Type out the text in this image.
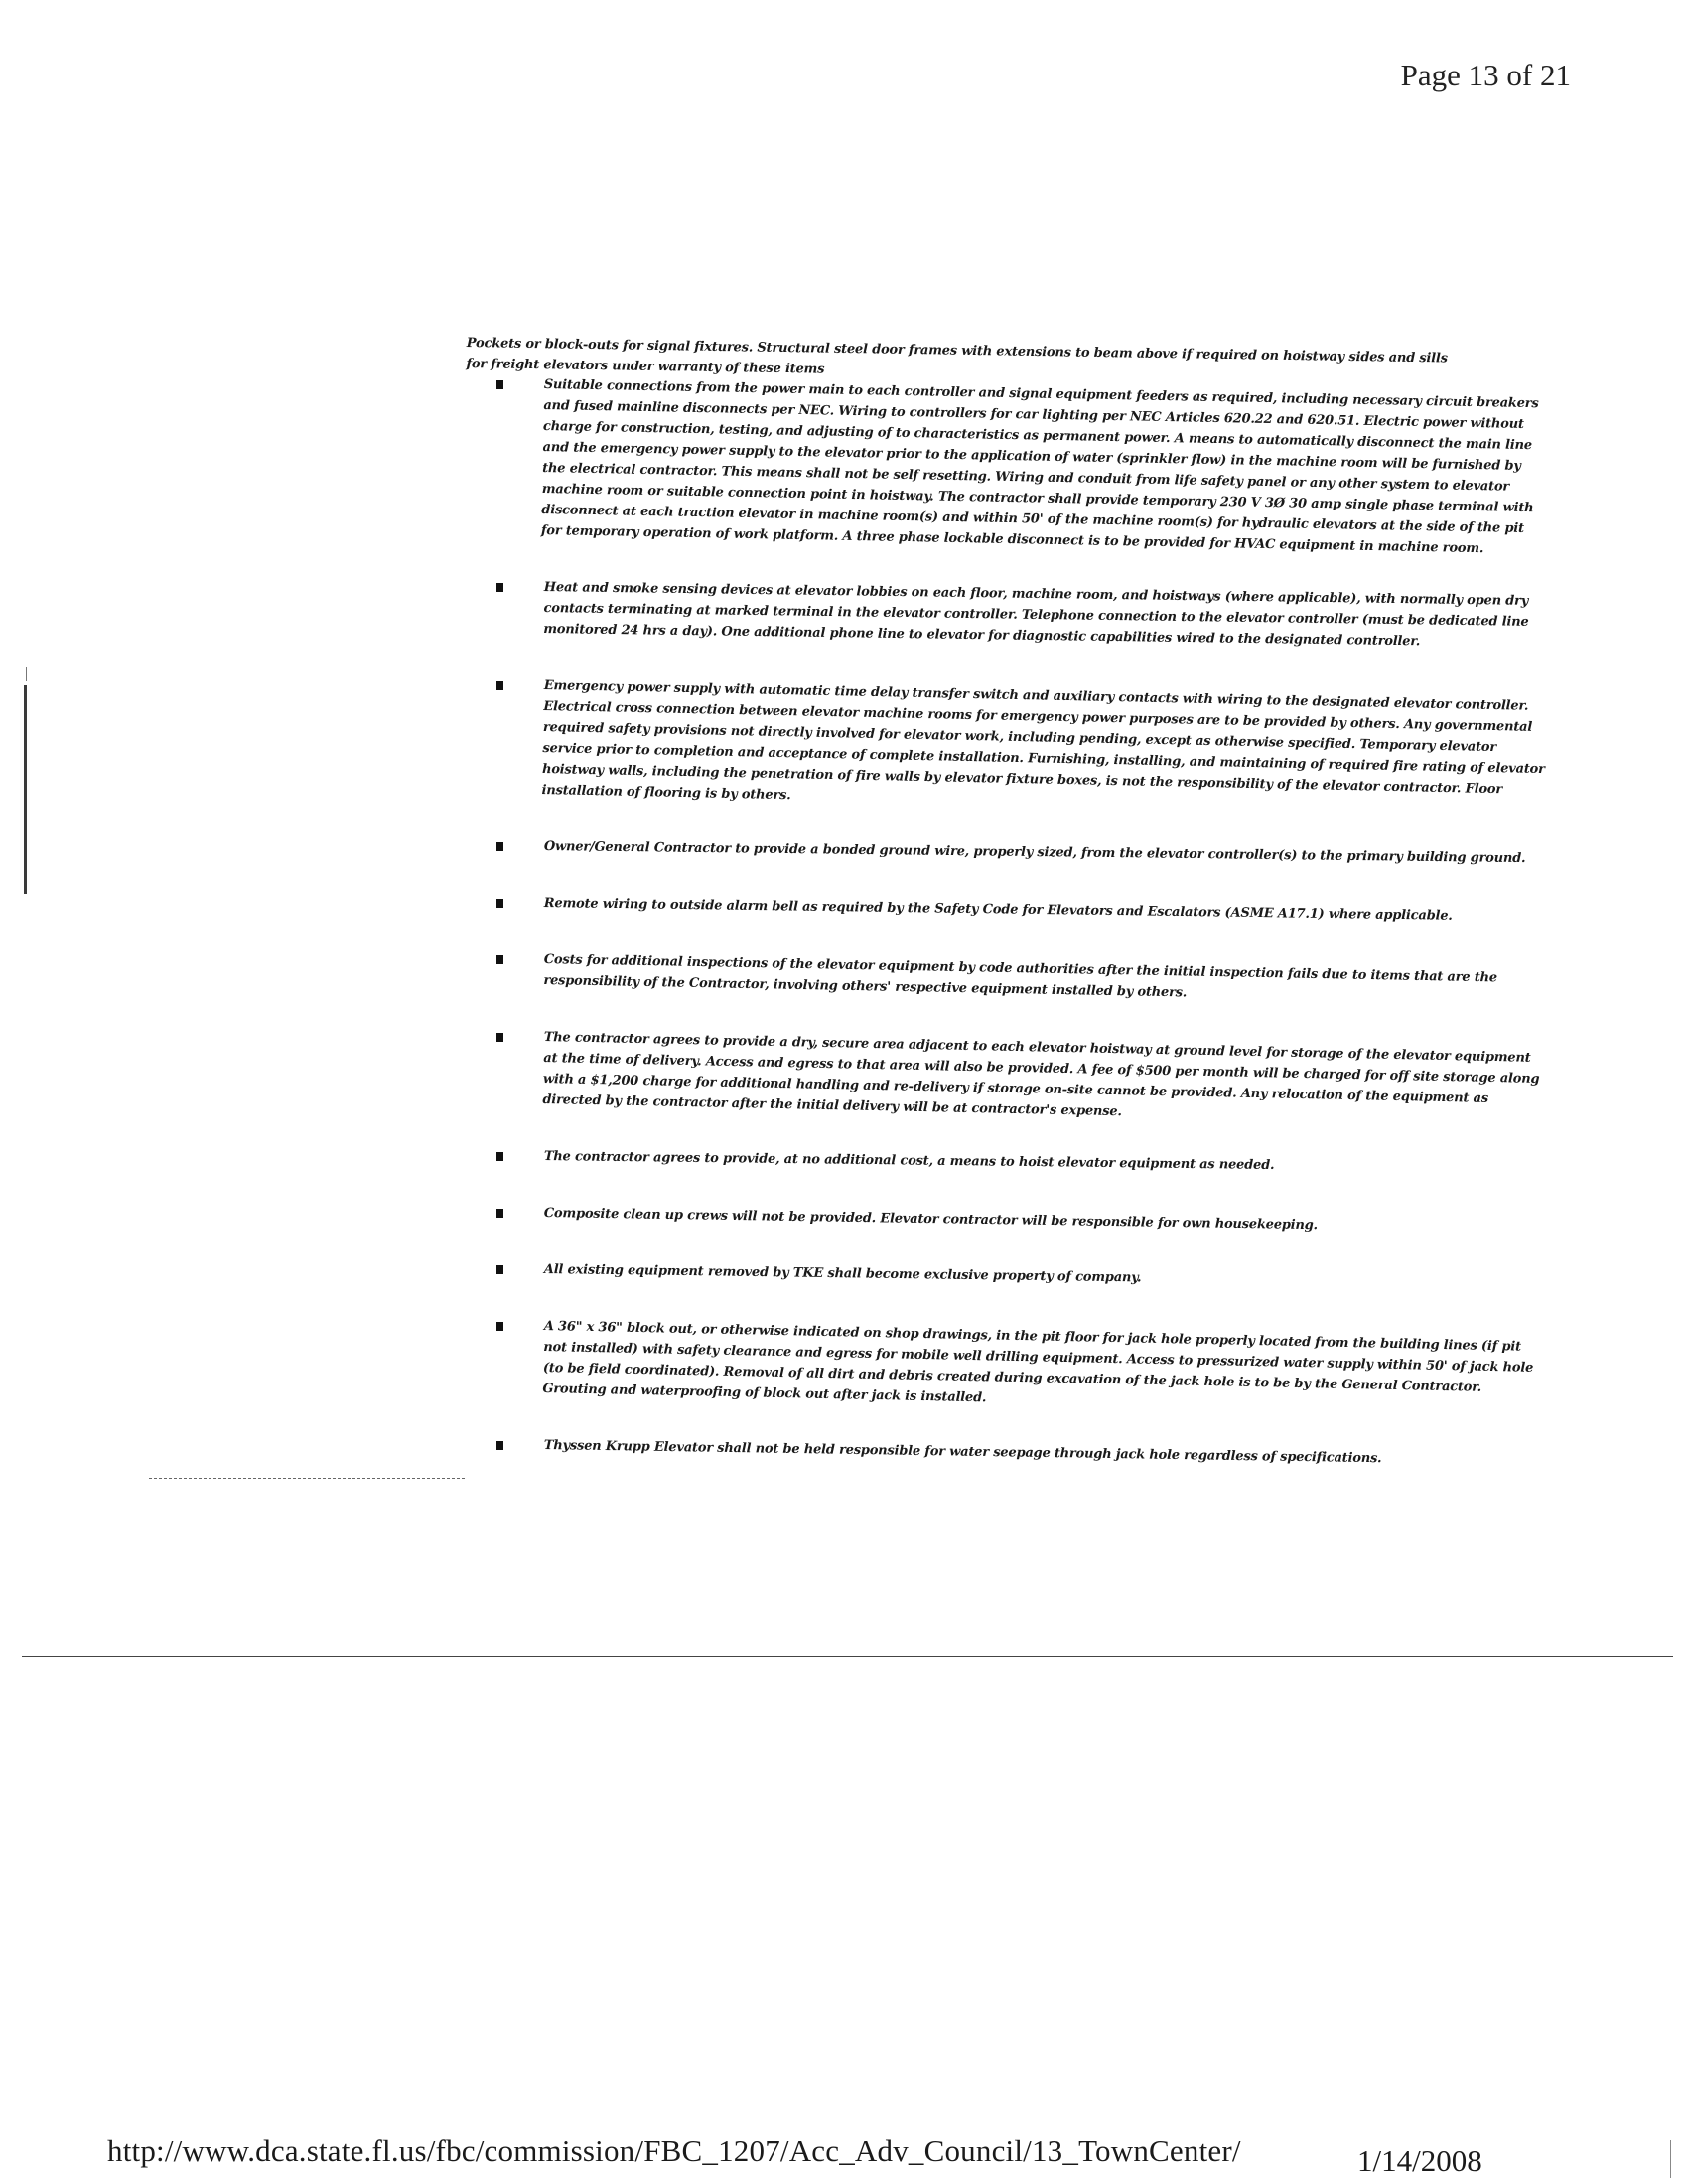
Page 13 of 21

Pockets or block-outs for signal fixtures. Structural steel door frames with extensions to beam above if required on hoistway sides and sills for freight elevators under warranty of these items

Suitable connections from the power main to each controller and signal equipment feeders as required, including necessary circuit breakers and fused mainline disconnects per NEC. Wiring to controllers for car lighting per NEC Articles 620.22 and 620.51. Electric power without charge for construction, testing, and adjusting of to characteristics as permanent power. A means to automatically disconnect the main line and the emergency power supply to the elevator prior to the application of water (sprinkler flow) in the machine room will be furnished by the electrical contractor. This means shall not be self resetting. Wiring and conduit from life safety panel or any other system to elevator machine room or suitable connection point in hoistway. The contractor shall provide temporary 230 V 3Ø 30 amp single phase terminal with disconnect at each traction elevator in machine room(s) and within 50' of the machine room(s) for hydraulic elevators at the side of the pit for temporary operation of work platform. A three phase lockable disconnect is to be provided for HVAC equipment in machine room.

Heat and smoke sensing devices at elevator lobbies on each floor, machine room, and hoistways (where applicable), with normally open dry contacts terminating at marked terminal in the elevator controller. Telephone connection to the elevator controller (must be dedicated line monitored 24 hrs a day). One additional phone line to elevator for diagnostic capabilities wired to the designated controller.

Emergency power supply with automatic time delay transfer switch and auxiliary contacts with wiring to the designated elevator controller. Electrical cross connection between elevator machine rooms for emergency power purposes are to be provided by others. Any governmental required safety provisions not directly involved for elevator work, including pending, except as otherwise specified. Temporary elevator service prior to completion and acceptance of complete installation. Furnishing, installing, and maintaining of required fire rating of elevator hoistway walls, including the penetration of fire walls by elevator fixture boxes, is not the responsibility of the elevator contractor. Floor installation of flooring is by others.

Owner/General Contractor to provide a bonded ground wire, properly sized, from the elevator controller(s) to the primary building ground.

Remote wiring to outside alarm bell as required by the Safety Code for Elevators and Escalators (ASME A17.1) where applicable.

Costs for additional inspections of the elevator equipment by code authorities after the initial inspection fails due to items that are the responsibility of the Contractor, involving others' respective equipment installed by others.

The contractor agrees to provide a dry, secure area adjacent to each elevator hoistway at ground level for storage of the elevator equipment at the time of delivery. Access and egress to that area will also be provided. A fee of $500 per month will be charged for off site storage along with a $1,200 charge for additional handling and re-delivery if storage on-site cannot be provided. Any relocation of the equipment as directed by the contractor after the initial delivery will be at contractor's expense.

The contractor agrees to provide, at no additional cost, a means to hoist elevator equipment as needed.

Composite clean up crews will not be provided. Elevator contractor will be responsible for own housekeeping.

All existing equipment removed by TKE shall become exclusive property of company.

A 36" x 36" block out, or otherwise indicated on shop drawings, in the pit floor for jack hole properly located from the building lines (if pit not installed) with safety clearance and egress for mobile well drilling equipment. Access to pressurized water supply within 50' of jack hole (to be field coordinated). Removal of all dirt and debris created during excavation of the jack hole is to be by the General Contractor. Grouting and waterproofing of block out after jack is installed.

Thyssen Krupp Elevator shall not be held responsible for water seepage through jack hole regardless of specifications.

http://www.dca.state.fl.us/fbc/commission/FBC_1207/Acc_Adv_Council/13_TownCenter/	1/14/2008
